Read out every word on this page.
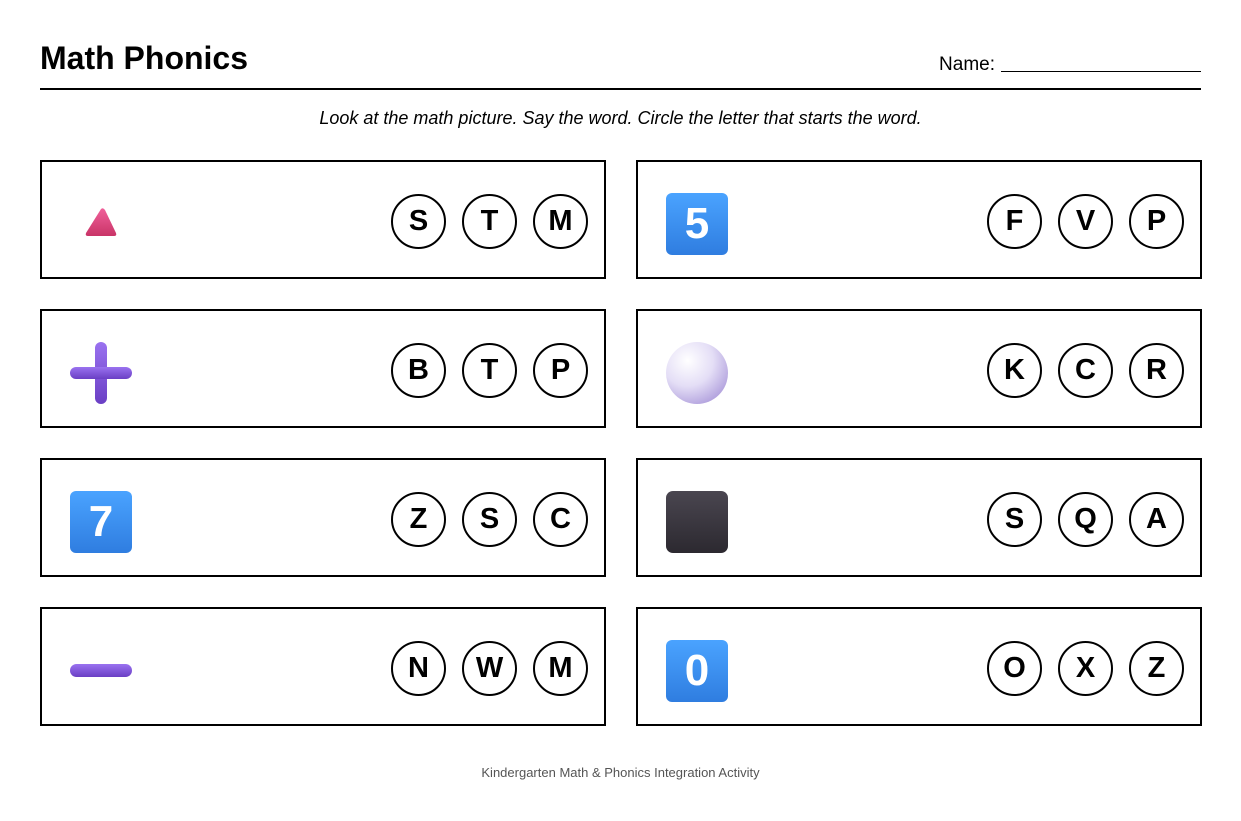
Math Phonics	Name:
Look at the math picture. Say the word. Circle the letter that starts the word.
S	T	M	5	F	V	P
B	T	P	K	C	R
7	Z	S	C	S	Q	A
N	W	M	0	O	X	Z
Kindergarten Math & Phonics Integration Activity
